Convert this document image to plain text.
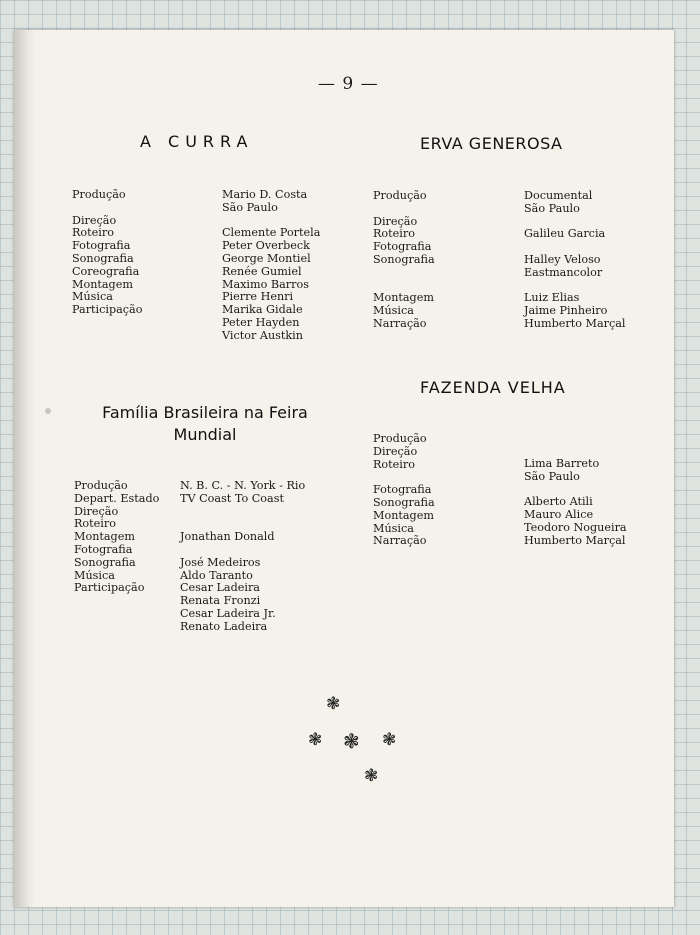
— 9 —
A CURRA	ERVA GENEROSA
FAZENDA VELHA
Família Brasileira na Feira
Mundial
Produção
Direção
Roteiro
Fotografia
Sonografia
Coreografia
Montagem
Música
Participação
Mario D. Costa
São Paulo
Clemente Portela
Peter Overbeck
George Montiel
Renée Gumiel
Maximo Barros
Pierre Henri
Marika Gidale
Peter Hayden
Victor Austkin
Produção
Direção
Roteiro
Fotografia
Sonografia
Montagem
Música
Narração
Documental
São Paulo
Galileu Garcia
Halley Veloso
Eastmancolor
Luiz Elias
Jaime Pinheiro
Humberto Marçal
Produção
Direção
Roteiro
Fotografia
Sonografia
Montagem
Música
Narração
Lima Barreto
São Paulo
Alberto Atili
Mauro Alice
Teodoro Nogueira
Humberto Marçal
Produção
Depart. Estado
Direção
Roteiro
Montagem
Fotografia
Sonografia
Música
Participação
N. B. C. - N. York - Rio
TV Coast To Coast
Jonathan Donald
José Medeiros
Aldo Taranto
Cesar Ladeira
Renata Fronzi
Cesar Ladeira Jr.
Renato Ladeira
❃
❃ ❃ ❃
❃
